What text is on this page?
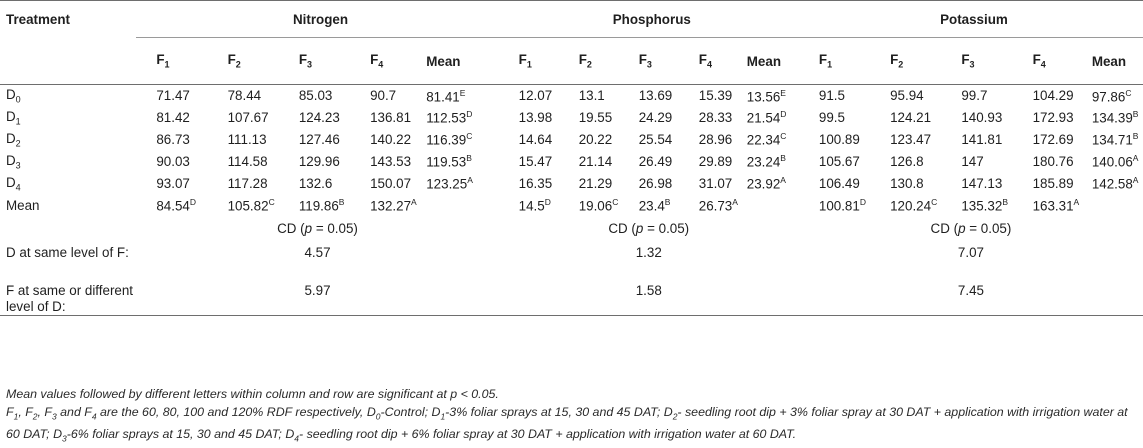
Treatment	Nitrogen					Phosphorus					Potassium				
	$F_1$	$F_2$	$F_3$	$F_4$	Mean	$F_1$	$F_2$	$F_3$	$F_4$	Mean	$F_1$	$F_2$	$F_3$	$F_4$	Mean
$D_0$	71.47	78.44	85.03	90.7	$81.41^E$	12.07	13.1	13.69	15.39	$13.56^E$	91.5	95.94	99.7	104.29	$97.86^C$
$D_1$	81.42	107.67	124.23	136.81	$112.53^D$	13.98	19.55	24.29	28.33	$21.54^D$	99.5	124.21	140.93	172.93	$134.39^B$
$D_2$	86.73	111.13	127.46	140.22	$116.39^C$	14.64	20.22	25.54	28.96	$22.34^C$	100.89	123.47	141.81	172.69	$134.71^B$
$D_3$	90.03	114.58	129.96	143.53	$119.53^B$	15.47	21.14	26.49	29.89	$23.24^B$	105.67	126.8	147	180.76	$140.06^A$
$D_4$	93.07	117.28	132.6	150.07	$123.25^A$	16.35	21.29	26.98	31.07	$23.92^A$	106.49	130.8	147.13	185.89	$142.58^A$
Mean	$84.54^D$	$105.82^C$	$119.86^B$	$132.27^A$		$14.5^D$	$19.06^C$	$23.4^B$	$26.73^A$		$100.81^D$	$120.24^C$	$135.32^B$	$163.31^A$	
	CD (p = 0.05)					CD (p = 0.05)					CD (p = 0.05)				
D at same level of F:	4.57					1.32					7.07				
F at same or different level of D:	5.97					1.58					7.45				

Mean values followed by different letters within column and row are significant at p < 0.05.

$F_1$, $F_2$, $F_3$ and $F_4$ are the 60, 80, 100 and 120% RDF respectively, $D_0$-Control; $D_1-3\%$ foliar sprays at 15, 30 and 45 DAT; $D_2-$ seedling root dip + 3% foliar spray at 30 DAT + application with irrigation water at 60 DAT; $D_3-6\%$ foliar sprays at 15, 30 and 45 DAT; $D_4-$ seedling root dip + 6% foliar spray at 30 DAT + application with irrigation water at 60 DAT.
